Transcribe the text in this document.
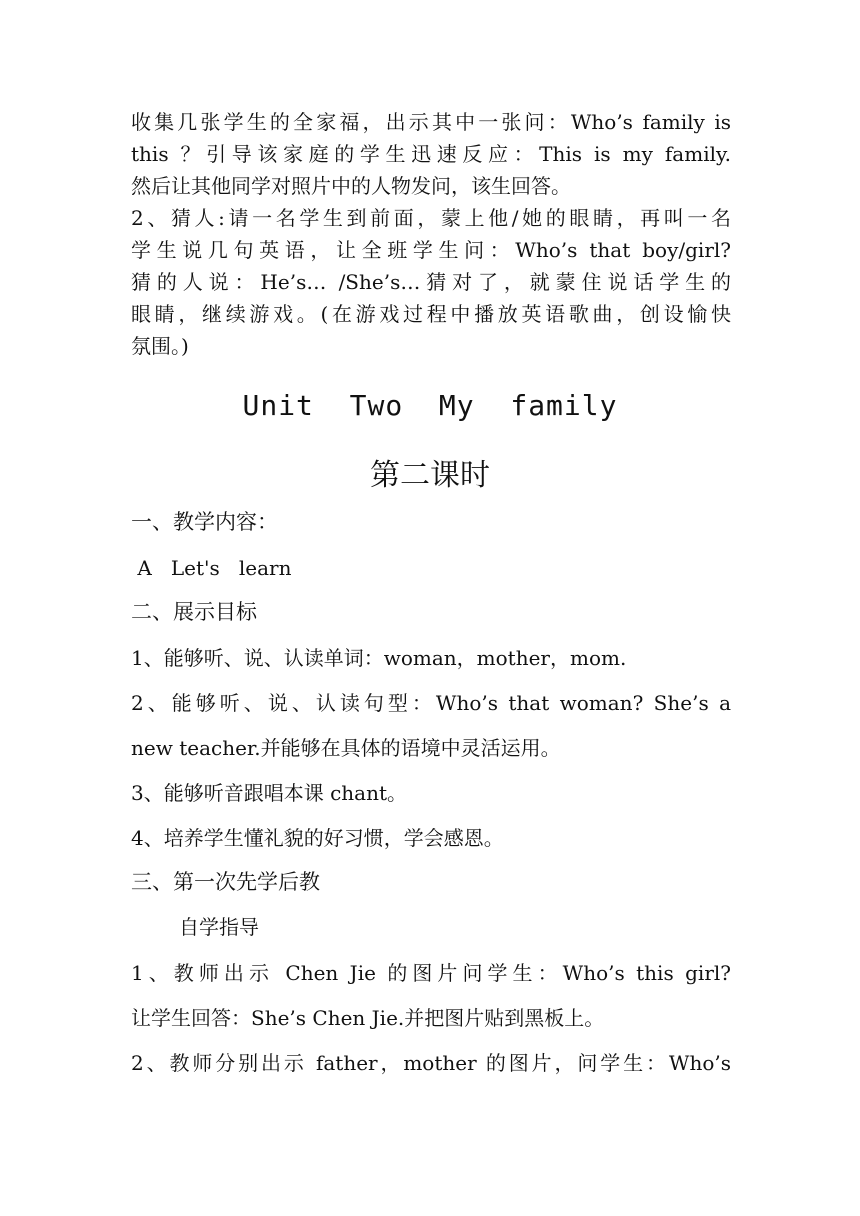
收集几张学生的全家福，出示其中一张问：Who’s family is
this ？引导该家庭的学生迅速反应：This is my family.
然后让其他同学对照片中的人物发问，该生回答。
2、猜人:请一名学生到前面，蒙上他/她的眼睛，再叫一名
学生说几句英语，让全班学生问：Who’s that boy/girl?
猜的人说：He’s… /She’s…猜对了，就蒙住说话学生的
眼睛，继续游戏。(在游戏过程中播放英语歌曲，创设愉快
氛围。)
Unit  Two  My  family
第二课时
一、教学内容：
A   Let's   learn
二、展示目标
1、能够听、说、认读单词：woman，mother，mom.
2、能够听、说、认读句型：Who’s that woman? She’s a
new teacher.并能够在具体的语境中灵活运用。
3、能够听音跟唱本课 chant。
4、培养学生懂礼貌的好习惯，学会感恩。
三、第一次先学后教
自学指导
1、教师出示 Chen Jie 的图片问学生：Who’s this girl?
让学生回答：She’s Chen Jie.并把图片贴到黑板上。
2、教师分别出示 father，mother 的图片，问学生：Who’s
